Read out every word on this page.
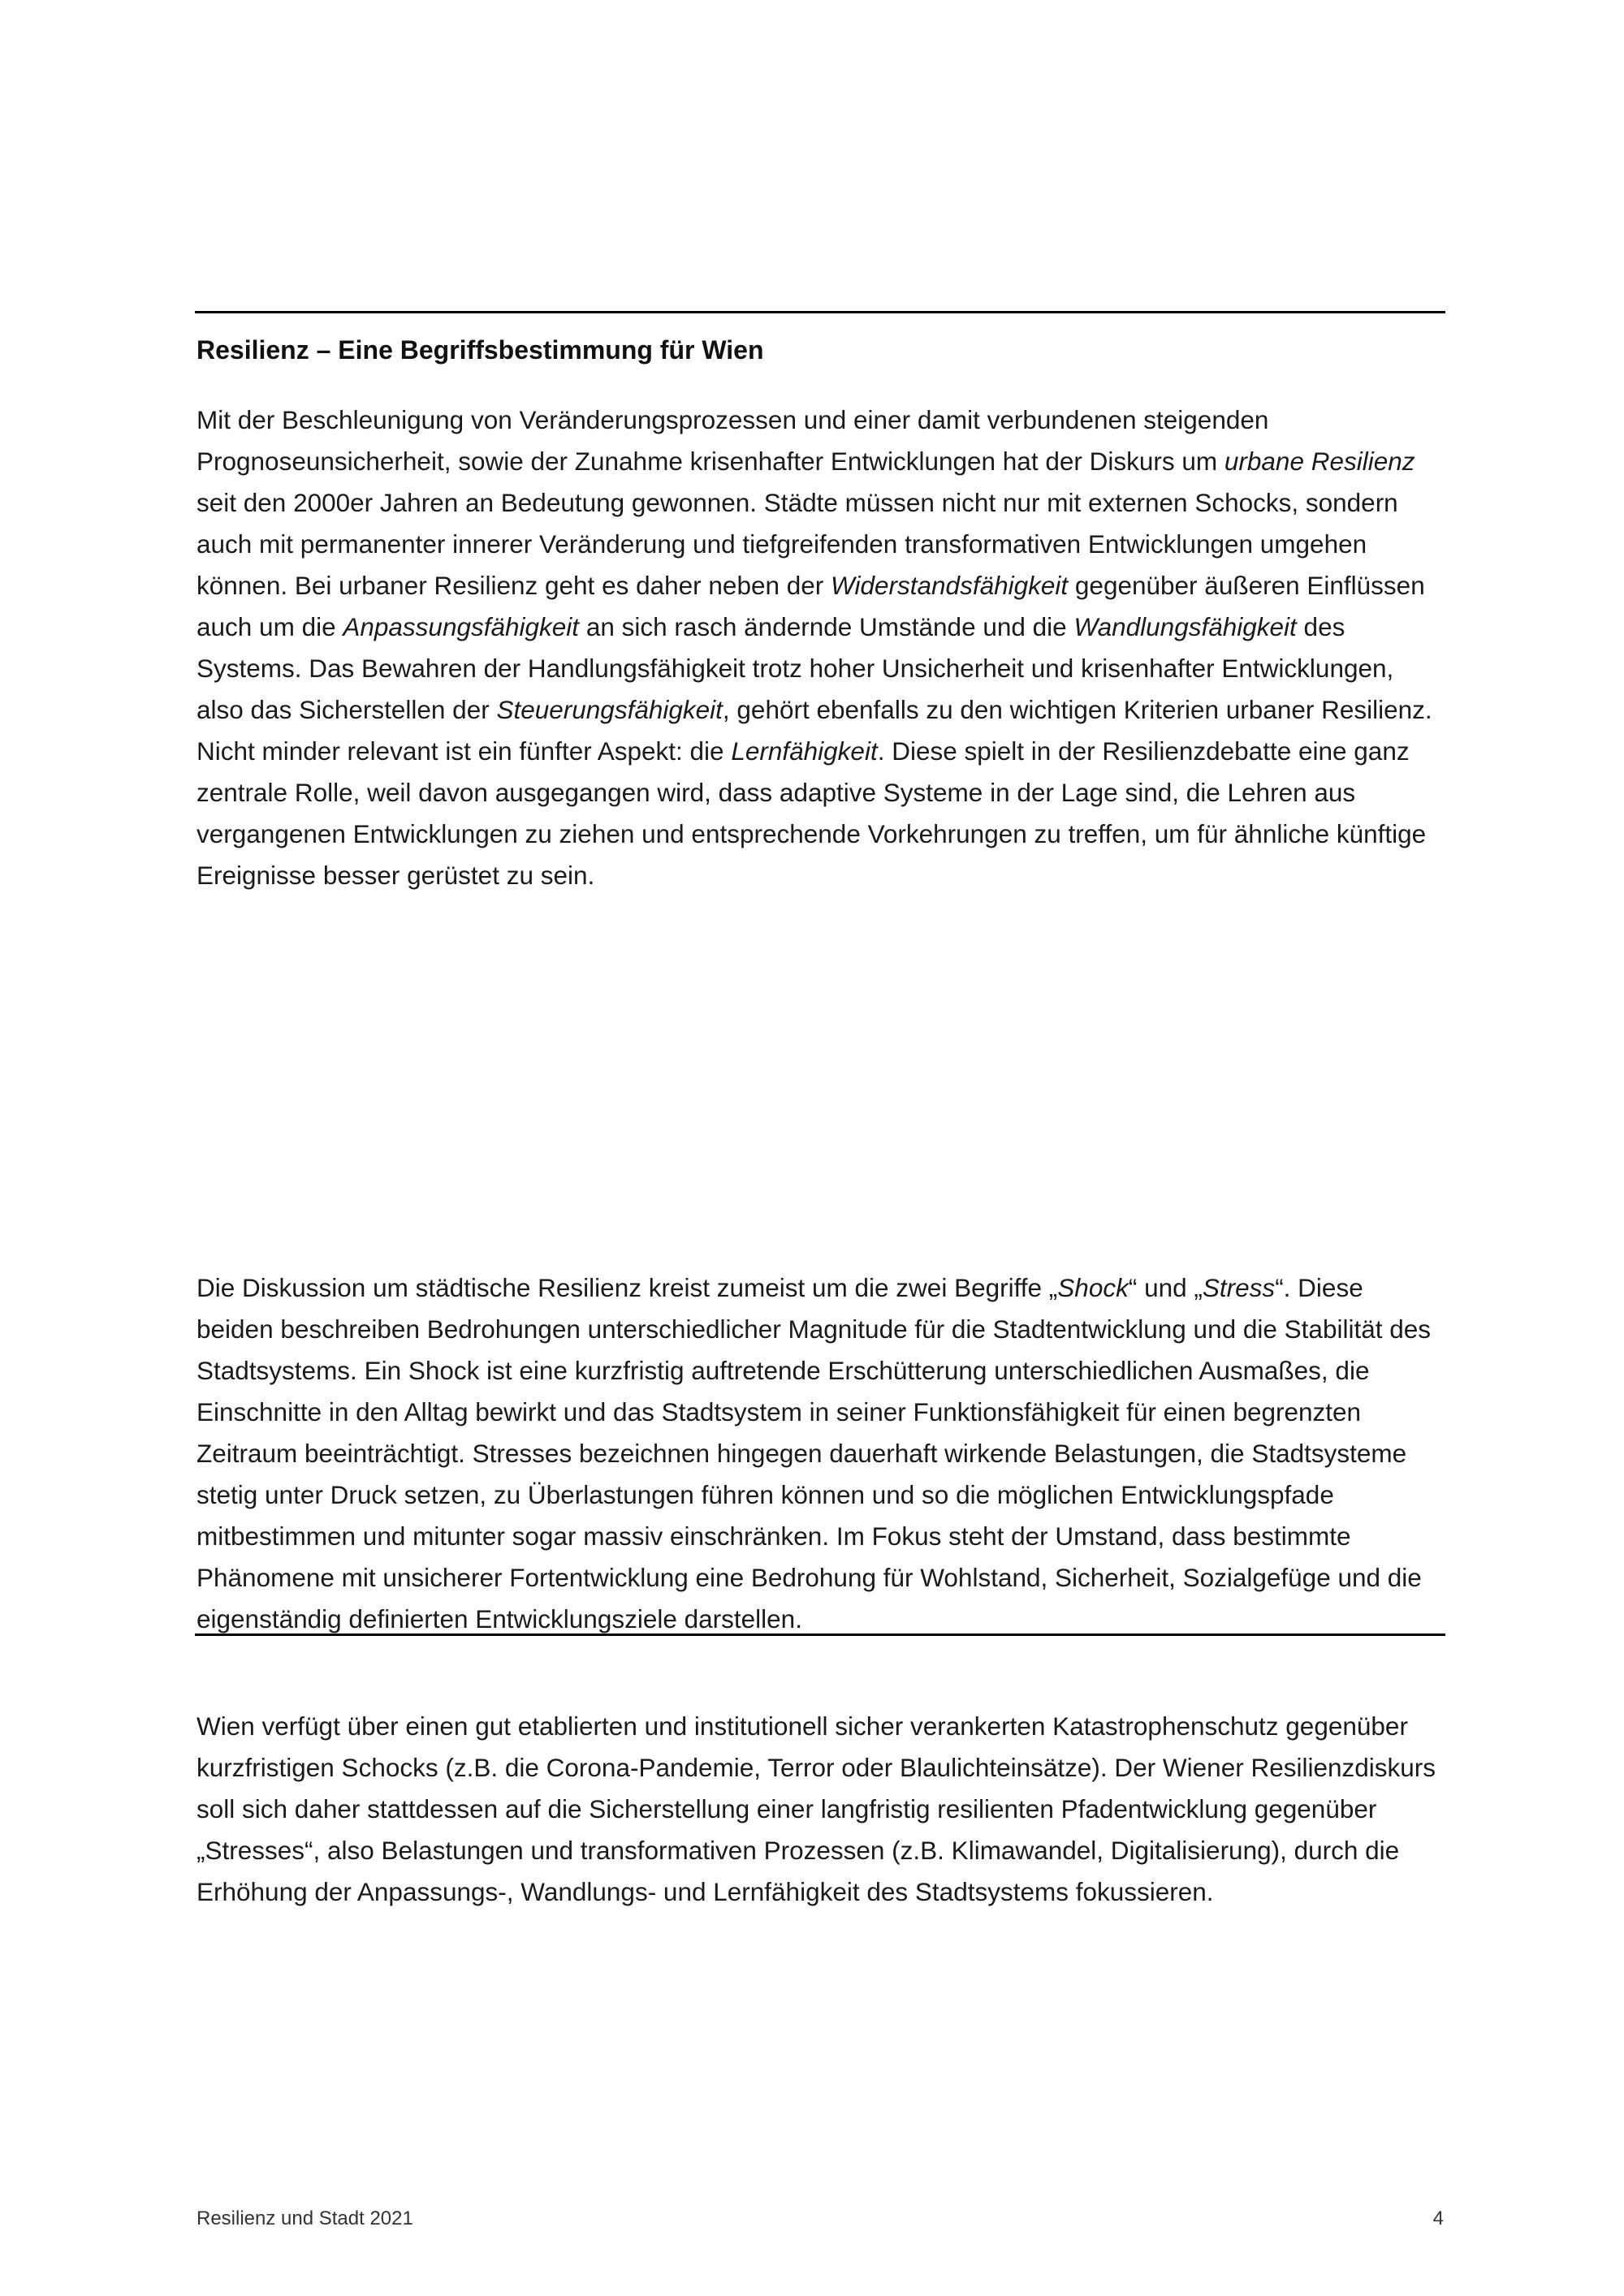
Resilienz – Eine Begriffsbestimmung für Wien

Mit der Beschleunigung von Veränderungsprozessen und einer damit verbundenen steigenden Prognoseunsicherheit, sowie der Zunahme krisenhafter Entwicklungen hat der Diskurs um urbane Resilienz seit den 2000er Jahren an Bedeutung gewonnen. Städte müssen nicht nur mit externen Schocks, sondern auch mit permanenter innerer Veränderung und tiefgreifenden transformativen Entwicklungen umgehen können. Bei urbaner Resilienz geht es daher neben der Widerstandsfähigkeit gegenüber äußeren Einflüssen auch um die Anpassungsfähigkeit an sich rasch ändernde Umstände und die Wandlungsfähigkeit des Systems. Das Bewahren der Handlungsfähigkeit trotz hoher Unsicherheit und krisenhafter Entwicklungen, also das Sicherstellen der Steuerungsfähigkeit, gehört ebenfalls zu den wichtigen Kriterien urbaner Resilienz. Nicht minder relevant ist ein fünfter Aspekt: die Lernfähigkeit. Diese spielt in der Resilienzdebatte eine ganz zentrale Rolle, weil davon ausgegangen wird, dass adaptive Systeme in der Lage sind, die Lehren aus vergangenen Entwicklungen zu ziehen und entsprechende Vorkehrungen zu treffen, um für ähnliche künftige Ereignisse besser gerüstet zu sein.

Die Diskussion um städtische Resilienz kreist zumeist um die zwei Begriffe „Shock“ und „Stress“. Diese beiden beschreiben Bedrohungen unterschiedlicher Magnitude für die Stadtentwicklung und die Stabilität des Stadtsystems. Ein Shock ist eine kurzfristig auftretende Erschütterung unterschiedlichen Ausmaßes, die Einschnitte in den Alltag bewirkt und das Stadtsystem in seiner Funktionsfähigkeit für einen begrenzten Zeitraum beeinträchtigt. Stresses bezeichnen hingegen dauerhaft wirkende Belastungen, die Stadtsysteme stetig unter Druck setzen, zu Überlastungen führen können und so die möglichen Entwicklungspfade mitbestimmen und mitunter sogar massiv einschränken. Im Fokus steht der Umstand, dass bestimmte Phänomene mit unsicherer Fortentwicklung eine Bedrohung für Wohlstand, Sicherheit, Sozialgefüge und die eigenständig definierten Entwicklungsziele darstellen.

Wien verfügt über einen gut etablierten und institutionell sicher verankerten Katastrophenschutz gegenüber kurzfristigen Schocks (z.B. die Corona-Pandemie, Terror oder Blaulichteinsätze). Der Wiener Resilienzdiskurs soll sich daher stattdessen auf die Sicherstellung einer langfristig resilienten Pfadentwicklung gegenüber „Stresses“, also Belastungen und transformativen Prozessen (z.B. Klimawandel, Digitalisierung), durch die Erhöhung der Anpassungs-, Wandlungs- und Lernfähigkeit des Stadtsystems fokussieren.

Resilienz und Stadt 2021	4
